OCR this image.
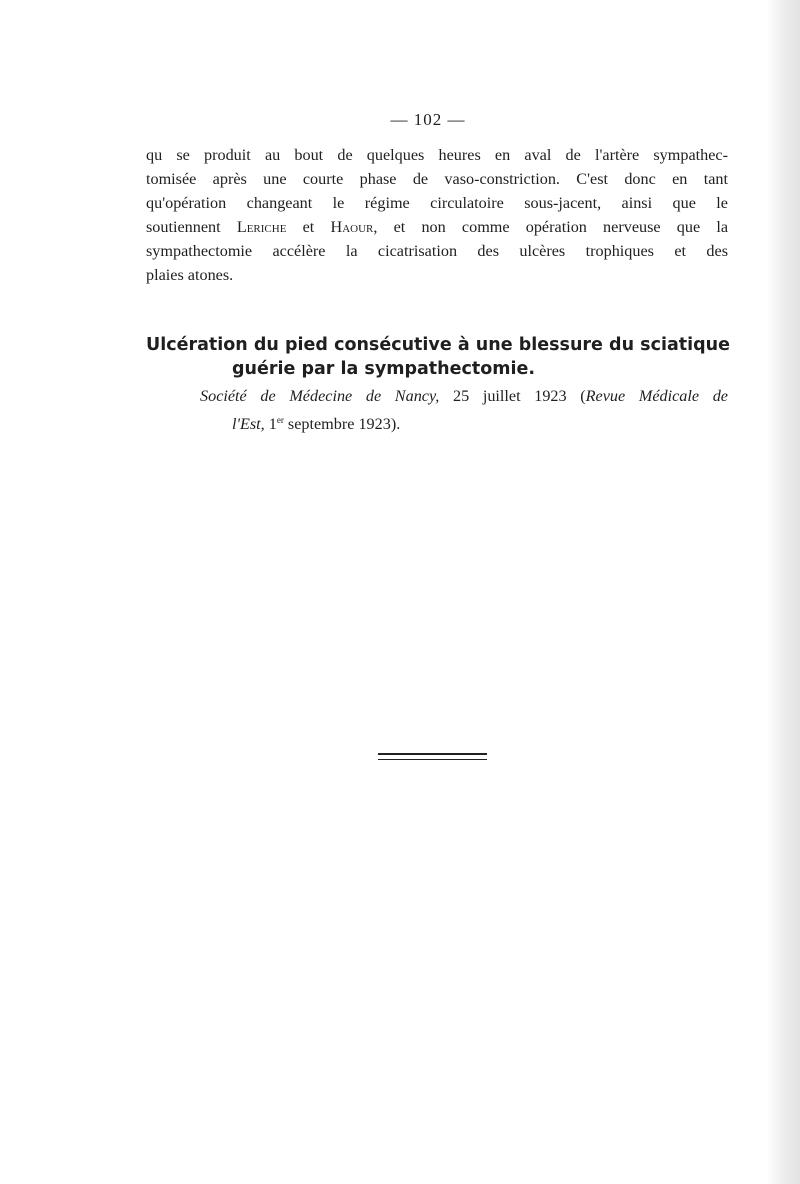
— 102 —
qu se produit au bout de quelques heures en aval de l'artère sympathec-
tomisée après une courte phase de vaso-constriction. C'est donc en tant
qu'opération changeant le régime circulatoire sous-jacent, ainsi que le
soutiennent Leriche et Haour, et non comme opération nerveuse que la
sympathectomie accélère la cicatrisation des ulcères trophiques et des
plaies atones.
Ulcération du pied consécutive à une blessure du sciatique
guérie par la sympathectomie.
Société de Médecine de Nancy, 25 juillet 1923 (Revue Médicale de
l'Est, 1er septembre 1923).
